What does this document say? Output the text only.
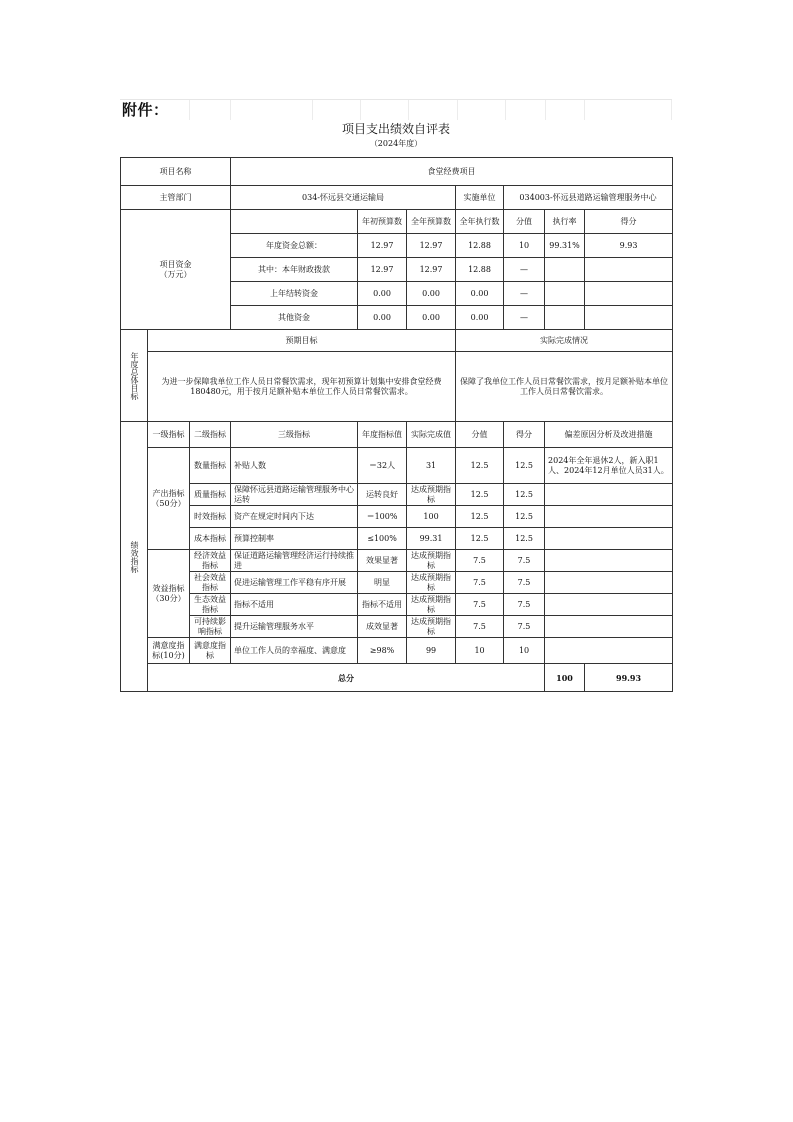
附件：
项目支出绩效自评表
（2024年度）
项目名称			食堂经费项目							
主管部门			034-怀远县交通运输局			实施单位	034003-怀远县道路运输管理服务中心			
项目资金
（万元）				年初预算数	全年预算数	全年执行数	分值	执行率	得分	
			年度资金总额：	12.97	12.97	12.88	10	99.31%	9.93	
			其中：本年财政拨款	12.97	12.97	12.88	—			
			上年结转资金	0.00	0.00	0.00	—			
			其他资金	0.00	0.00	0.00	—			
年度总体目标	预期目标					实际完成情况				
	为进一步保障我单位工作人员日常餐饮需求，现年初预算计划集中安排食堂经费180480元，用于按月足额补贴本单位工作人员日常餐饮需求。					保障了我单位工作人员日常餐饮需求，按月足额补贴本单位工作人员日常餐饮需求。				
绩效指标	一级指标	二级指标	三级指标	年度指标值	实际完成值	分值	得分	偏差原因分析及改进措施		
	产出指标
（50分）	数量指标	补贴人数	＝32人	31	12.5	12.5	2024年全年退休2人，新入职1人、2024年12月单位人员31人。		
		质量指标	保障怀远县道路运输管理服务中心运转	运转良好	达成预期指标	12.5	12.5			
		时效指标	资产在规定时间内下达	＝100%	100	12.5	12.5			
		成本指标	预算控制率	≤100%	99.31	12.5	12.5			
	效益指标
（30分）	经济效益指标	保证道路运输管理经济运行持续推进	效果显著	达成预期指标	7.5	7.5			
		社会效益指标	促进运输管理工作平稳有序开展	明显	达成预期指标	7.5	7.5			
		生态效益指标	指标不适用	指标不适用	达成预期指标	7.5	7.5			
		可持续影响指标	提升运输管理服务水平	成效显著	达成预期指标	7.5	7.5			
	满意度指标(10分)	满意度指标	单位工作人员的幸福度、满意度	≥98%	99	10	10			
	总分							100	99.93	
